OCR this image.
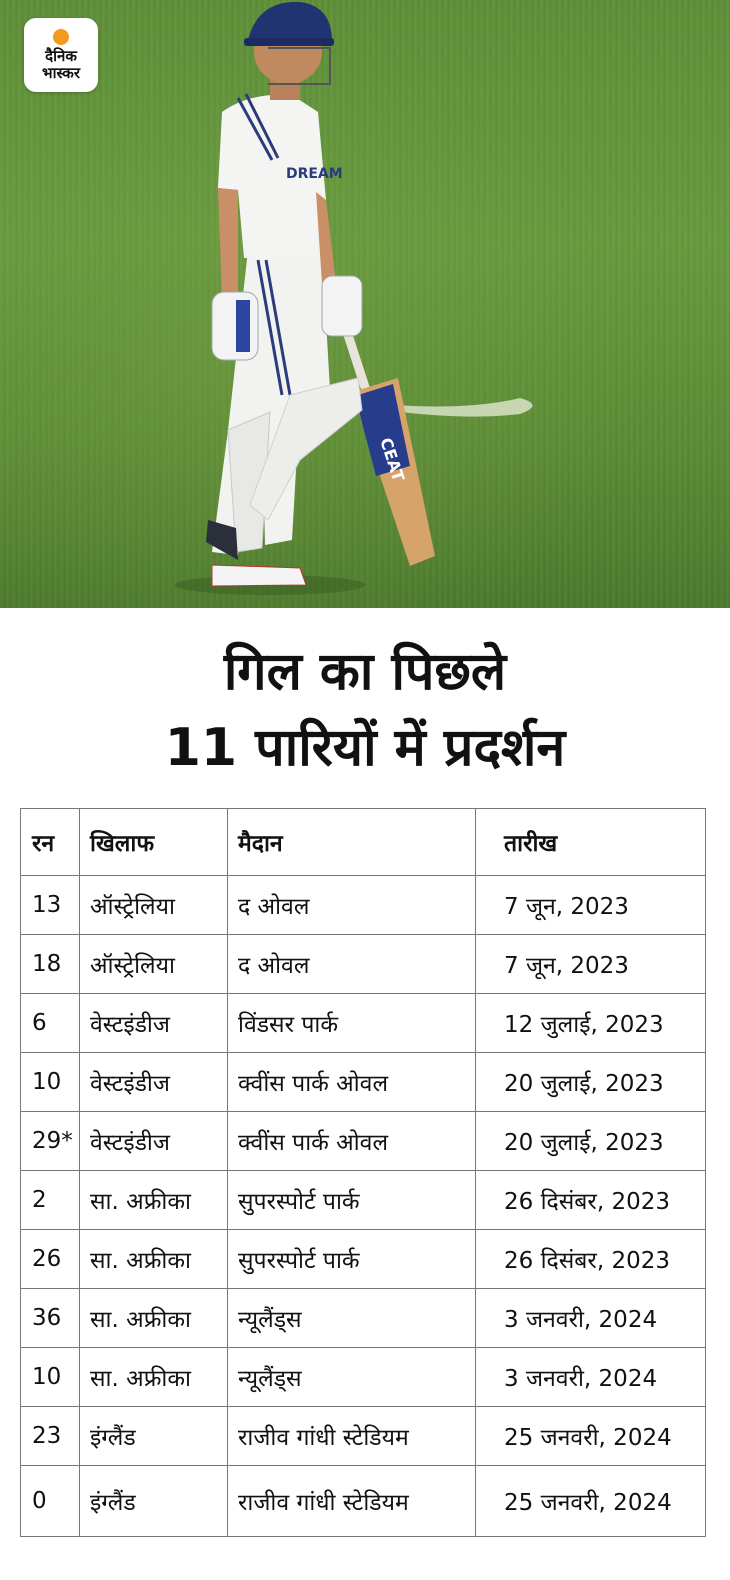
CEAT
DREAM
दैनिक
भास्कर
गिल का पिछले
11 पारियों में प्रदर्शन
रन	खिलाफ	मैदान	तारीख
13	ऑस्ट्रेलिया	द ओवल	7 जून, 2023
18	ऑस्ट्रेलिया	द ओवल	7 जून, 2023
6	वेस्टइंडीज	विंडसर पार्क	12 जुलाई, 2023
10	वेस्टइंडीज	क्वींस पार्क ओवल	20 जुलाई, 2023
29*	वेस्टइंडीज	क्वींस पार्क ओवल	20 जुलाई, 2023
2	सा. अफ्रीका	सुपरस्पोर्ट पार्क	26 दिसंबर, 2023
26	सा. अफ्रीका	सुपरस्पोर्ट पार्क	26 दिसंबर, 2023
36	सा. अफ्रीका	न्यूलैंड्स	3 जनवरी, 2024
10	सा. अफ्रीका	न्यूलैंड्स	3 जनवरी, 2024
23	इंग्लैंड	राजीव गांधी स्टेडियम	25 जनवरी, 2024
0	इंग्लैंड	राजीव गांधी स्टेडियम	25 जनवरी, 2024
